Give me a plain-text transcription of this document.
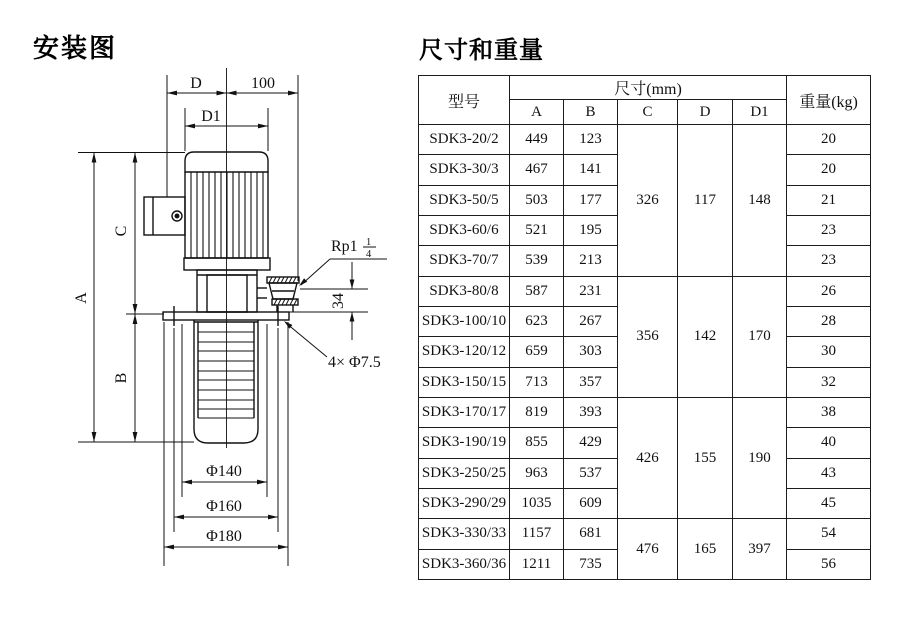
安装图	尺寸和重量
D	100
D1
A
C
B
34
Φ140
Φ160
Φ180
4× Φ7.5
Rp1 1
4
型号	尺寸(mm)					重量(kg)
	A	B	C	D	D1	
SDK3-20/2	449	123	326	117	148	20
SDK3-30/3	467	141				20
SDK3-50/5	503	177				21
SDK3-60/6	521	195				23
SDK3-70/7	539	213				23
SDK3-80/8	587	231	356	142	170	26
SDK3-100/10	623	267				28
SDK3-120/12	659	303				30
SDK3-150/15	713	357				32
SDK3-170/17	819	393	426	155	190	38
SDK3-190/19	855	429				40
SDK3-250/25	963	537				43
SDK3-290/29	1035	609				45
SDK3-330/33	1157	681	476	165	397	54
SDK3-360/36	1211	735				56
